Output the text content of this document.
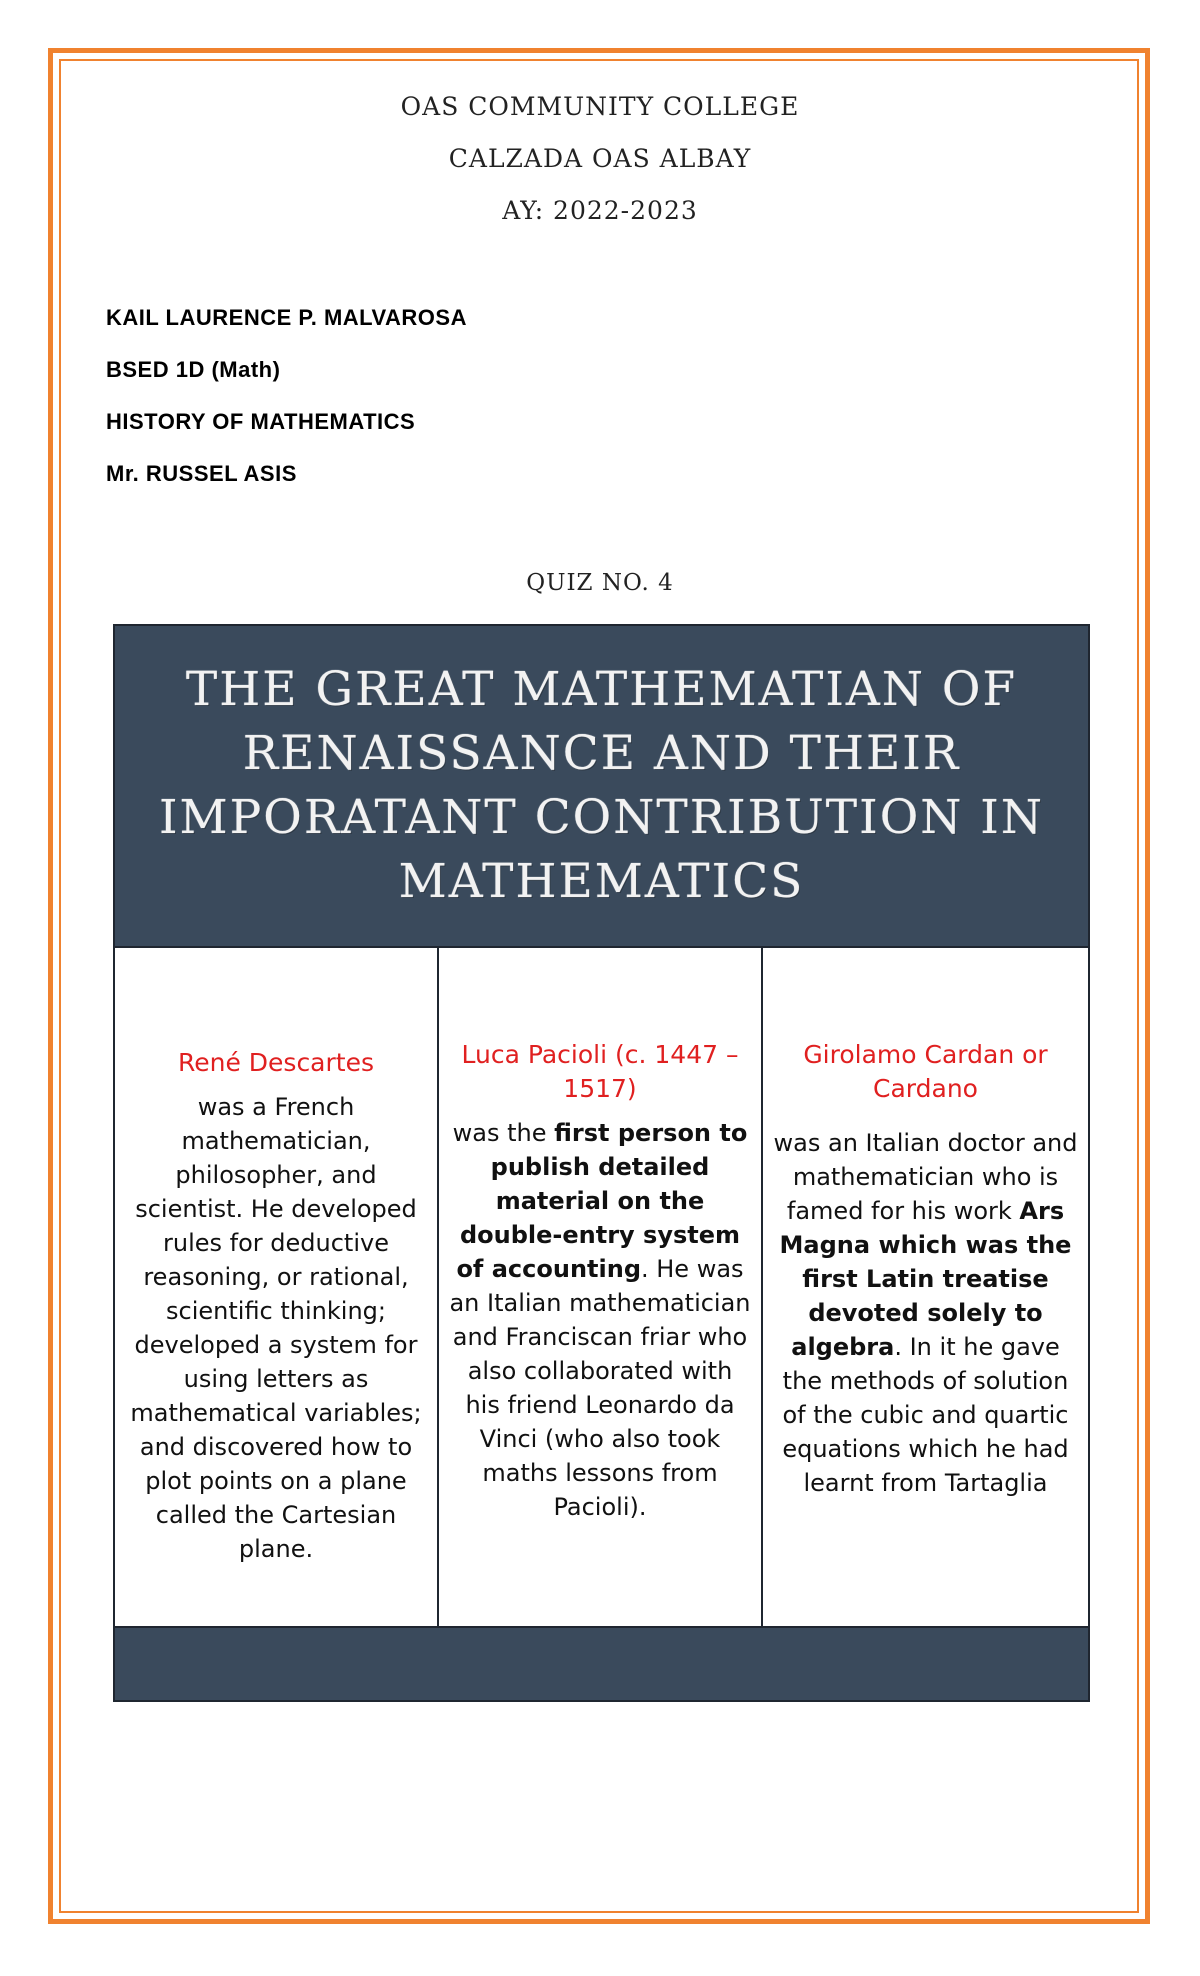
OAS COMMUNITY COLLEGE
CALZADA OAS ALBAY
AY: 2022-2023
KAIL LAURENCE P. MALVAROSA
BSED 1D (Math)
HISTORY OF MATHEMATICS
Mr. RUSSEL ASIS
QUIZ NO. 4
THE GREAT MATHEMATIAN OF RENAISSANCE AND THEIR IMPORATANT CONTRIBUTION IN MATHEMATICS
René Descartes
was a French mathematician, philosopher, and scientist. He developed rules for deductive reasoning, or rational, scientific thinking; developed a system for using letters as mathematical variables; and discovered how to plot points on a plane called the Cartesian plane.
Luca Pacioli (c. 1447 – 1517)
was the first person to publish detailed material on the double-entry system of accounting. He was an Italian mathematician and Franciscan friar who also collaborated with his friend Leonardo da Vinci (who also took maths lessons from Pacioli).
Girolamo Cardan or Cardano
was an Italian doctor and mathematician who is famed for his work Ars Magna which was the first Latin treatise devoted solely to algebra. In it he gave the methods of solution of the cubic and quartic equations which he had learnt from Tartaglia
